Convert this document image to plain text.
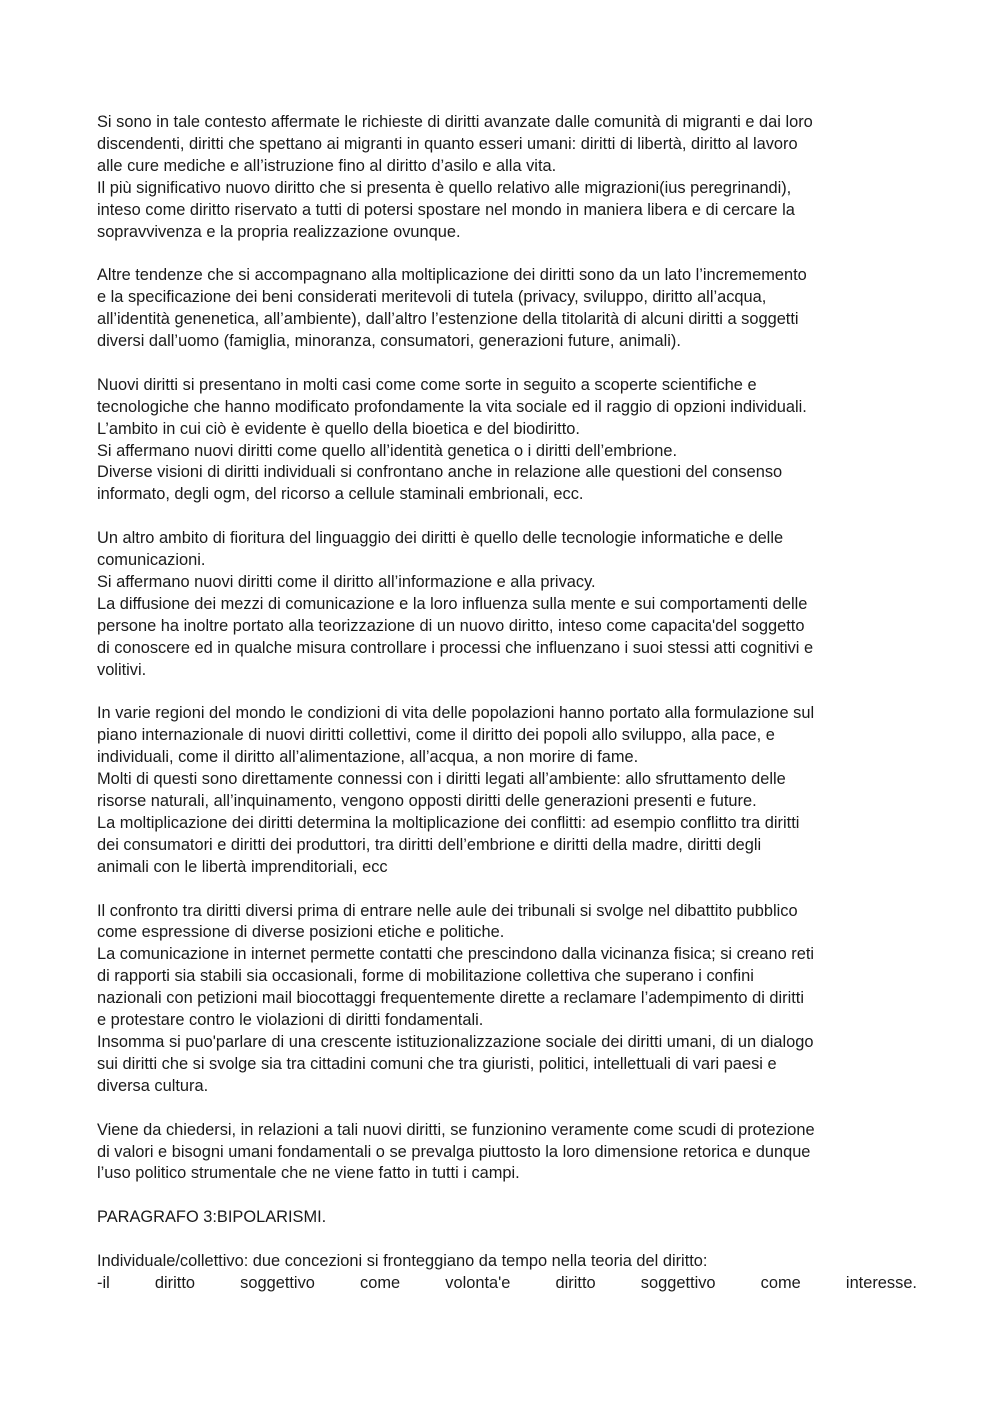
Si sono in tale contesto affermate le richieste di diritti avanzate dalle comunità di migranti e dai loro
discendenti, diritti che spettano ai migranti in quanto esseri umani: diritti di libertà, diritto al lavoro
alle cure mediche e all’istruzione fino al diritto d’asilo e alla vita.
Il più significativo nuovo diritto che si presenta è quello relativo alle migrazioni(ius peregrinandi),
inteso come diritto riservato a tutti di potersi spostare nel mondo in maniera libera e di cercare la
sopravvivenza e la propria realizzazione ovunque.
Altre tendenze che si accompagnano alla moltiplicazione dei diritti sono da un lato l’incrememento
e la specificazione dei beni considerati meritevoli di tutela (privacy, sviluppo, diritto all’acqua,
all’identità genenetica, all’ambiente), dall’altro l’estenzione della titolarità di alcuni diritti a soggetti
diversi dall’uomo (famiglia, minoranza, consumatori, generazioni future, animali).
Nuovi diritti si presentano in molti casi come come sorte in seguito a scoperte scientifiche e
tecnologiche che hanno modificato profondamente la vita sociale ed il raggio di opzioni individuali.
L’ambito in cui ciò è evidente è quello della bioetica e del biodiritto.
Si affermano nuovi diritti come quello all’identità genetica o i diritti dell’embrione.
Diverse visioni di diritti individuali si confrontano anche in relazione alle questioni del consenso
informato, degli ogm, del ricorso a cellule staminali embrionali, ecc.
Un altro ambito di fioritura del linguaggio dei diritti è quello delle tecnologie informatiche e delle
comunicazioni.
Si affermano nuovi diritti come il diritto all’informazione e alla privacy.
La diffusione dei mezzi di comunicazione e la loro influenza sulla mente e sui comportamenti delle
persone ha inoltre portato alla teorizzazione di un nuovo diritto, inteso come capacita'del soggetto
di conoscere ed in qualche misura controllare i processi che influenzano i suoi stessi atti cognitivi e
volitivi.
In varie regioni del mondo le condizioni di vita delle popolazioni hanno portato alla formulazione sul
piano internazionale di nuovi diritti collettivi, come il diritto dei popoli allo sviluppo, alla pace, e
individuali, come il diritto all’alimentazione, all’acqua, a non morire di fame.
Molti di questi sono direttamente connessi con i diritti legati all’ambiente: allo sfruttamento delle
risorse naturali, all’inquinamento, vengono opposti diritti delle generazioni presenti e future.
La moltiplicazione dei diritti determina la moltiplicazione dei conflitti: ad esempio conflitto tra diritti
dei consumatori e diritti dei produttori, tra diritti dell’embrione e diritti della madre, diritti degli
animali con le libertà imprenditoriali, ecc
Il confronto tra diritti diversi prima di entrare nelle aule dei tribunali si svolge nel dibattito pubblico
come espressione di diverse posizioni etiche e politiche.
La comunicazione in internet permette contatti che prescindono dalla vicinanza fisica; si creano reti
di rapporti sia stabili sia occasionali, forme di mobilitazione collettiva che superano i confini
nazionali con petizioni mail biocottaggi frequentemente dirette a reclamare l’adempimento di diritti
e protestare contro le violazioni di diritti fondamentali.
Insomma si puo'parlare di una crescente istituzionalizzazione sociale dei diritti umani, di un dialogo
sui diritti che si svolge sia tra cittadini comuni che tra giuristi, politici, intellettuali di vari paesi e
diversa cultura.
Viene da chiedersi, in relazioni a tali nuovi diritti, se funzionino veramente come scudi di protezione
di valori e bisogni umani fondamentali o se prevalga piuttosto la loro dimensione retorica e dunque
l’uso politico strumentale che ne viene fatto in tutti i campi.
PARAGRAFO 3:BIPOLARISMI.
Individuale/collettivo: due concezioni si fronteggiano da tempo nella teoria del diritto:
-il	diritto	soggettivo	come	volonta'e	diritto	soggettivo	come	interesse.
